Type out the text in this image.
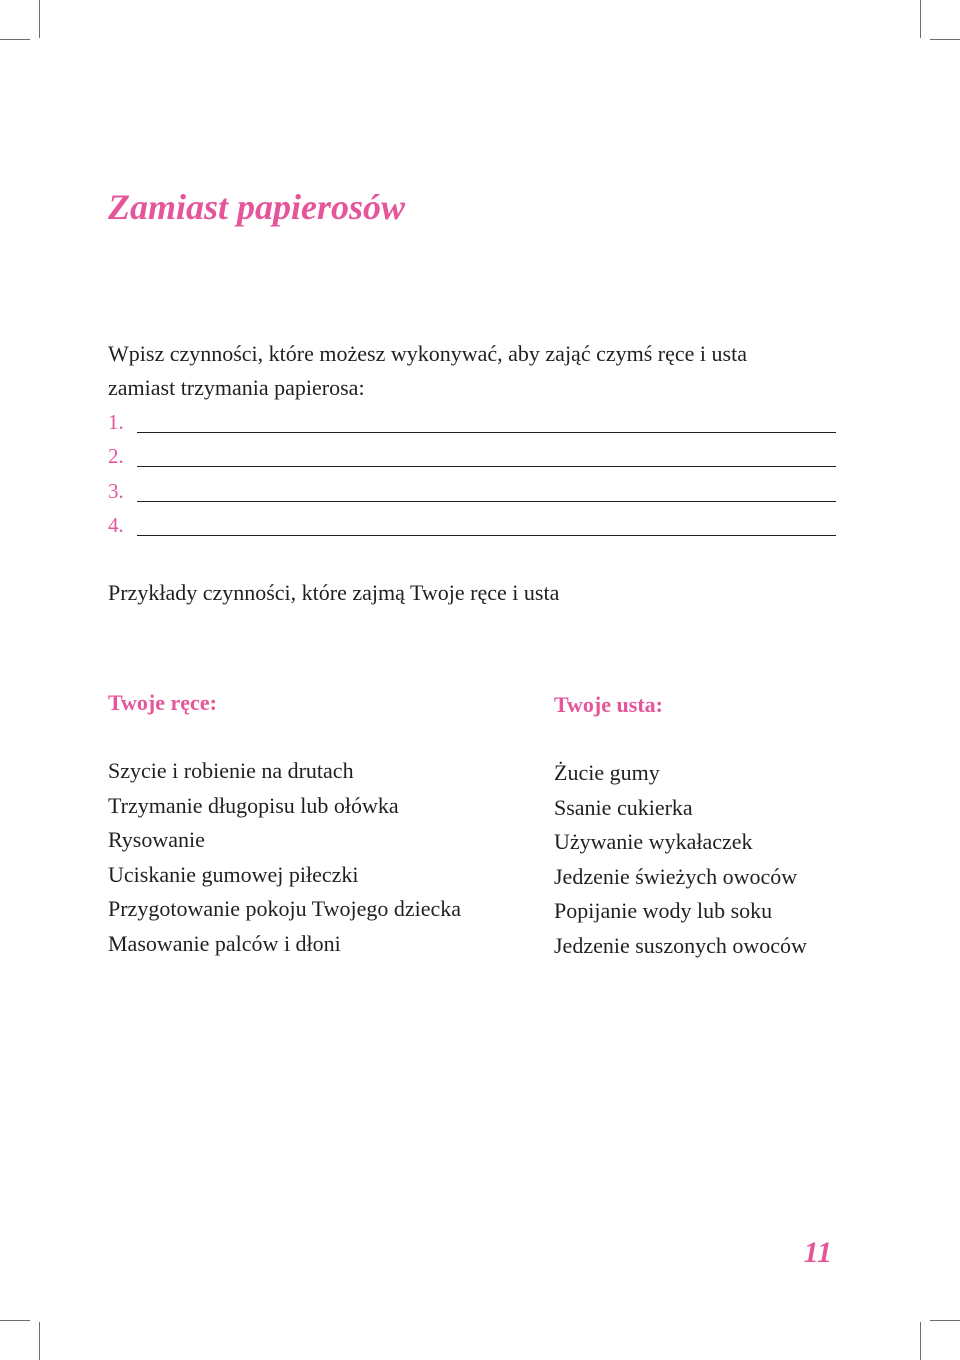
Zamiast papierosów

Wpisz czynności, które możesz wykonywać, aby zająć czymś ręce i usta

zamiast trzymania papierosa:

1.
2.
3.
4.
Przykłady czynności, które zajmą Twoje ręce i usta
Twoje ręce:
Szycie i robienie na drutach
Trzymanie długopisu lub ołówka
Rysowanie
Uciskanie gumowej piłeczki
Przygotowanie pokoju Twojego dziecka
Masowanie palców i dłoni
Twoje usta:
Żucie gumy
Ssanie cukierka
Używanie wykałaczek
Jedzenie świeżych owoców
Popijanie wody lub soku
Jedzenie suszonych owoców
11
